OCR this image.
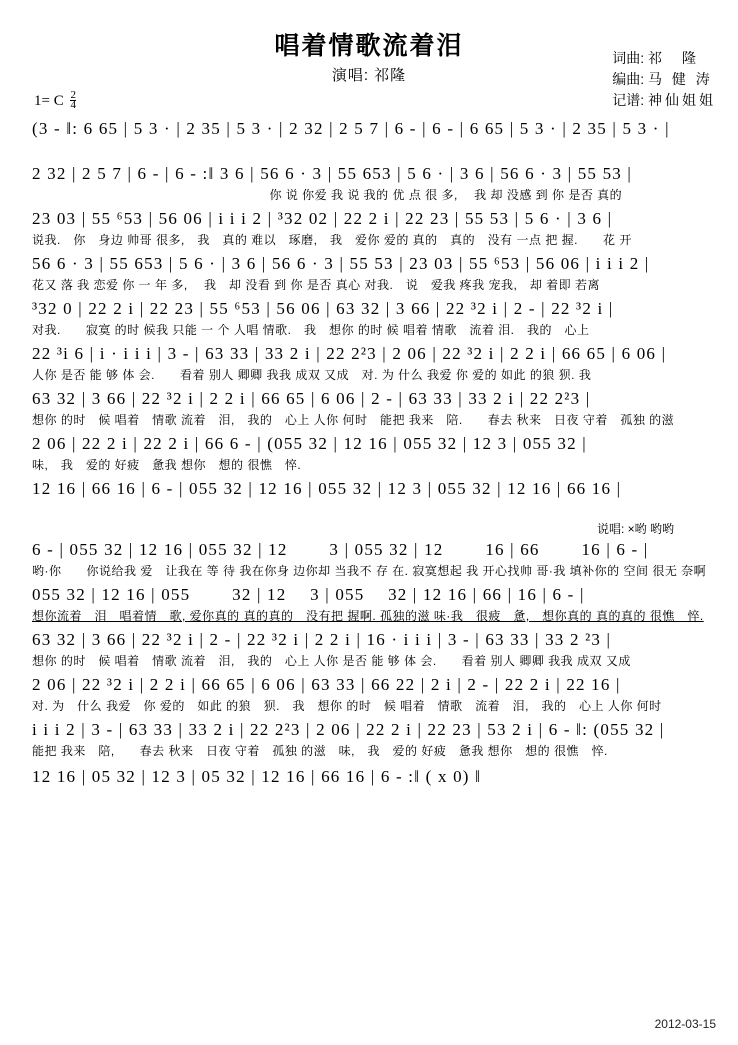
唱着情歌流着泪
演唱: 祁隆
词曲: 祁　隆
编曲: 马 健 涛
记谱: 神仙姐姐
1= C $\frac{2}{4}$
(3 - ‖: 6 65 | 5 3 · | 2 35 | 5 3 · | 2 32 | 2 5 7 | 6 - | 6 - | 6 65 | 5 3 · | 2 35 | 5 3 · |
2 32 | 2 5 7 | 6 - | 6 - :‖ 3 6 | 56 6 · 3 | 55 653 | 5 6 · | 3 6 | 56 6 · 3 | 55 53 |
　　　　　　　　　　　　　　　　　　　你 说 你爱 我 说 我的 优 点 很 多,　 我 却 没感 到 你 是否 真的
23 03 | 55 ⁶53 | 56 06 | i i i 2 | ³32 02 | 22 2 i | 22 23 | 55 53 | 5 6 · | 3 6 |
说我.　你　身边 帅哥 很多,　我　真的 难以　琢磨,　我　爱你 爱的 真的　真的　没有 一点 把 握.　　花 开
56 6 · 3 | 55 653 | 5 6 · | 3 6 | 56 6 · 3 | 55 53 | 23 03 | 55 ⁶53 | 56 06 | i i i 2 |
花又 落 我 恋爱 你 一 年 多,　 我　却 没看 到 你 是否 真心 对我.　说　爱我 疼我 宠我,　却 着即 若离
³32 0 | 22 2 i | 22 23 | 55 ⁶53 | 56 06 | 63 32 | 3 66 | 22 ³2 i | 2 - | 22 ³2 i |
对我.　　寂寞 的时 候我 只能 一 个 人唱 情歌.　我　想你 的时 候 唱着 情歌　流着 泪.　我的　心上
22 ³i 6 | i · i i i | 3 - | 63 33 | 33 2 i | 22 2²3 | 2 06 | 22 ³2 i | 2 2 i | 66 65 | 6 06 |
人你 是否 能 够 体 会.　　看着 别人 卿卿 我我 成双 又成　对. 为 什么 我爱 你 爱的 如此 的狼 狈. 我
63 32 | 3 66 | 22 ³2 i | 2 2 i | 66 65 | 6 06 | 2 - | 63 33 | 33 2 i | 22 2²3 |
想你 的时　候 唱着　情歌 流着　泪,　我的　心上 人你 何时　能把 我来　陪.　　春去 秋来　日夜 守着　孤独 的滋
2 06 | 22 2 i | 22 2 i | 66 6 - | (055 32 | 12 16 | 055 32 | 12 3 | 055 32 |
味,　我　爱的 好疲　惫我 想你　想的 很憔　悴.
12 16 | 66 16 | 6 - | 055 32 | 12 16 | 055 32 | 12 3 | 055 32 | 12 16 | 66 16 |
说唱: ×哟 哟哟
6 - | 055 32 | 12 16 | 055 32 | 12 　　3 | 055 32 | 12 　　16 | 66 　　16 | 6 - |
哟·你　　你说给我 爱　让我在 等 待 我在你身 边你却 当我不 存 在. 寂寞想起 我 开心找帅 哥·我 填补你的 空间 很无 奈啊
055 32 | 12 16 | 055 　　32 | 12 　3 | 055 　32 | 12 16 | 66 | 16 | 6 - |
想你流着　泪　唱着情　歌, 爱你真的 真的真的　没有把 握啊. 孤独的滋 味·我　很疲　惫,　想你真的 真的真的 很憔　悴.
63 32 | 3 66 | 22 ³2 i | 2 - | 22 ³2 i | 2 2 i | 16 · i i i | 3 - | 63 33 | 33 2 ²3 |
想你 的时　候 唱着　情歌 流着　泪,　我的　心上 人你 是否 能 够 体 会.　　看着 别人 卿卿 我我 成双 又成
2 06 | 22 ³2 i | 2 2 i | 66 65 | 6 06 | 63 33 | 66 22 | 2 i | 2 - | 22 2 i | 22 16 |
对. 为　什么 我爱　你 爱的　如此 的狼　狈.　我　想你 的时　候 唱着　情歌　流着　泪,　我的　心上 人你 何时
i i i 2 | 3 - | 63 33 | 33 2 i | 22 2²3 | 2 06 | 22 2 i | 22 23 | 53 2 i | 6 - ‖: (055 32 |
能把 我来　陪,　　春去 秋来　日夜 守着　孤独 的滋　味,　我　爱的 好疲　惫我 想你　想的 很憔　悴.
12 16 | 05 32 | 12 3 | 05 32 | 12 16 | 66 16 | 6 - :‖ ( x 0) ‖
2012-03-15
